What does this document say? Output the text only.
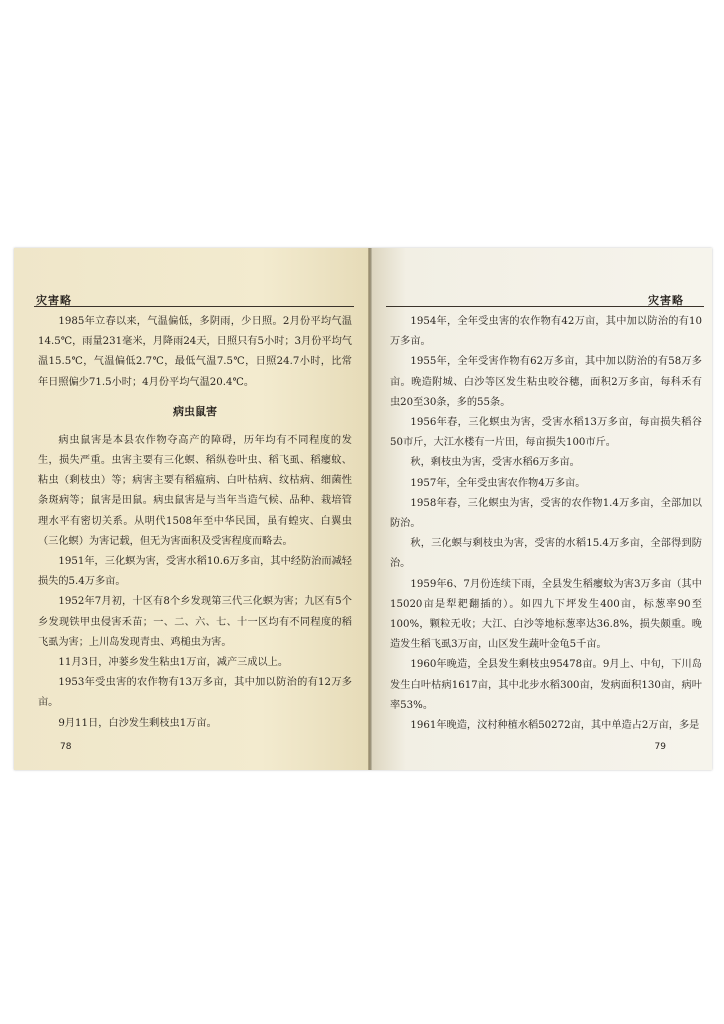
灾害略

1985年立春以来，气温偏低，多阴雨，少日照。2月份平均气温14.5℃，雨量231毫米，月降雨24天，日照只有5小时；3月份平均气温15.5℃，气温偏低2.7℃，最低气温7.5℃，日照24.7小时，比常年日照偏少71.5小时；4月份平均气温20.4℃。

病虫鼠害

病虫鼠害是本县农作物夺高产的障碍，历年均有不同程度的发生，损失严重。虫害主要有三化螟、稻纵卷叶虫、稻飞虱、稻瘿蚊、粘虫（剩枝虫）等；病害主要有稻瘟病、白叶枯病、纹枯病、细菌性条斑病等；鼠害是田鼠。病虫鼠害是与当年当造气候、品种、栽培管理水平有密切关系。从明代1508年至中华民国，虽有蝗灾、白翼虫（三化螟）为害记载，但无为害面积及受害程度而略去。

1951年，三化螟为害，受害水稻10.6万多亩，其中经防治而减轻损失的5.4万多亩。

1952年7月初，十区有8个乡发现第三代三化螟为害；九区有5个乡发现铁甲虫侵害禾苗；一、二、六、七、十一区均有不同程度的稻飞虱为害；上川岛发现青虫、鸡槌虫为害。

11月3日，冲蒌乡发生粘虫1万亩，减产三成以上。

1953年受虫害的农作物有13万多亩，其中加以防治的有12万多亩。

9月11日，白沙发生剩枝虫1万亩。

78
灾害略

1954年，全年受虫害的农作物有42万亩，其中加以防治的有10万多亩。

1955年，全年受害作物有62万多亩，其中加以防治的有58万多亩。晚造附城、白沙等区发生粘虫咬谷穗，面积2万多亩，每科禾有虫20至30条，多的55条。

1956年春，三化螟虫为害，受害水稻13万多亩，每亩损失稻谷50市斤，大江水楼有一片田，每亩损失100市斤。

秋，剩枝虫为害，受害水稻6万多亩。

1957年，全年受虫害农作物4万多亩。

1958年春，三化螟虫为害，受害的农作物1.4万多亩，全部加以防治。

秋，三化螟与剩枝虫为害，受害的水稻15.4万多亩，全部得到防治。

1959年6、7月份连续下雨，全县发生稻瘿蚊为害3万多亩（其中15020亩是犁耙翻插的）。如四九下坪发生400亩，标葱率90至100%，颗粒无收；大江、白沙等地标葱率达36.8%，损失颇重。晚造发生稻飞虱3万亩，山区发生蔬叶金龟5千亩。

1960年晚造，全县发生剩枝虫95478亩。9月上、中旬，下川岛发生白叶枯病1617亩，其中北步水稻300亩，发病面积130亩，病叶率53%。

1961年晚造，汶村种植水稻50272亩，其中单造占2万亩，多是

79
